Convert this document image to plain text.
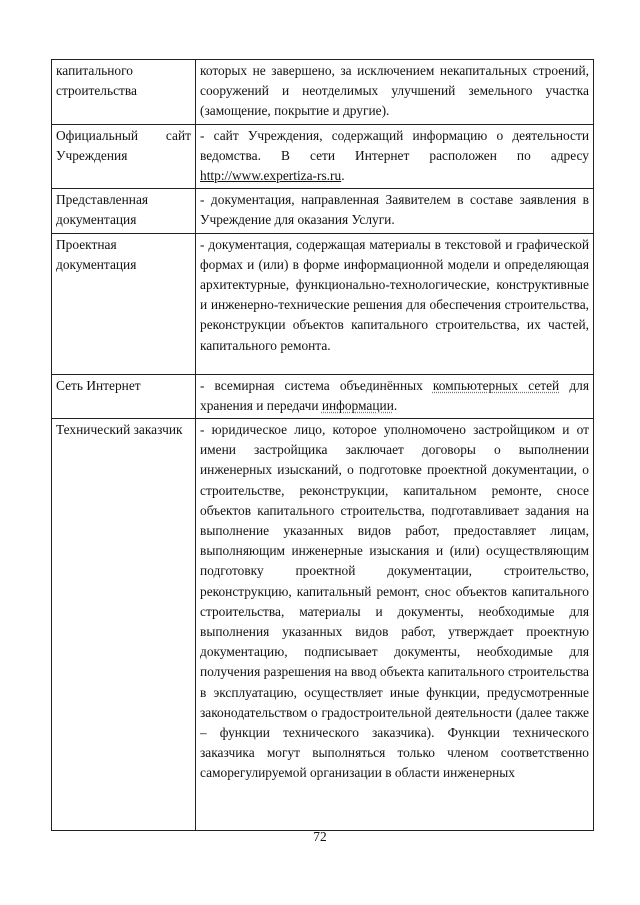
капитального строительства	которых не завершено, за исключением некапитальных строений, сооружений и неотделимых улучшений земельного участка (замощение, покрытие и другие).
Официальный сайт Учреждения	- сайт Учреждения, содержащий информацию о деятельности ведомства. В сети Интернет расположен по адресу http://www.expertiza-rs.ru.
Представленная документация	- документация, направленная Заявителем в составе заявления в Учреждение для оказания Услуги.
Проектная документация	- документация, содержащая материалы в текстовой и графической формах и (или) в форме информационной модели и определяющая архитектурные, функционально-технологические, конструктивные и инженерно-технические решения для обеспечения строительства, реконструкции объектов капитального строительства, их частей, капитального ремонта.
Сеть Интернет	- всемирная система объединённых компьютерных сетей для хранения и передачи информации.
Технический заказчик	- юридическое лицо, которое уполномочено застройщиком и от имени застройщика заключает договоры о выполнении инженерных изысканий, о подготовке проектной документации, о строительстве, реконструкции, капитальном ремонте, сносе объектов капитального строительства, подготавливает задания на выполнение указанных видов работ, предоставляет лицам, выполняющим инженерные изыскания и (или) осуществляющим подготовку проектной документации, строительство, реконструкцию, капитальный ремонт, снос объектов капитального строительства, материалы и документы, необходимые для выполнения указанных видов работ, утверждает проектную документацию, подписывает документы, необходимые для получения разрешения на ввод объекта капитального строительства в эксплуатацию, осуществляет иные функции, предусмотренные законодательством о градостроительной деятельности (далее также – функции технического заказчика). Функции технического заказчика могут выполняться только членом соответственно саморегулируемой организации в области инженерных
72
